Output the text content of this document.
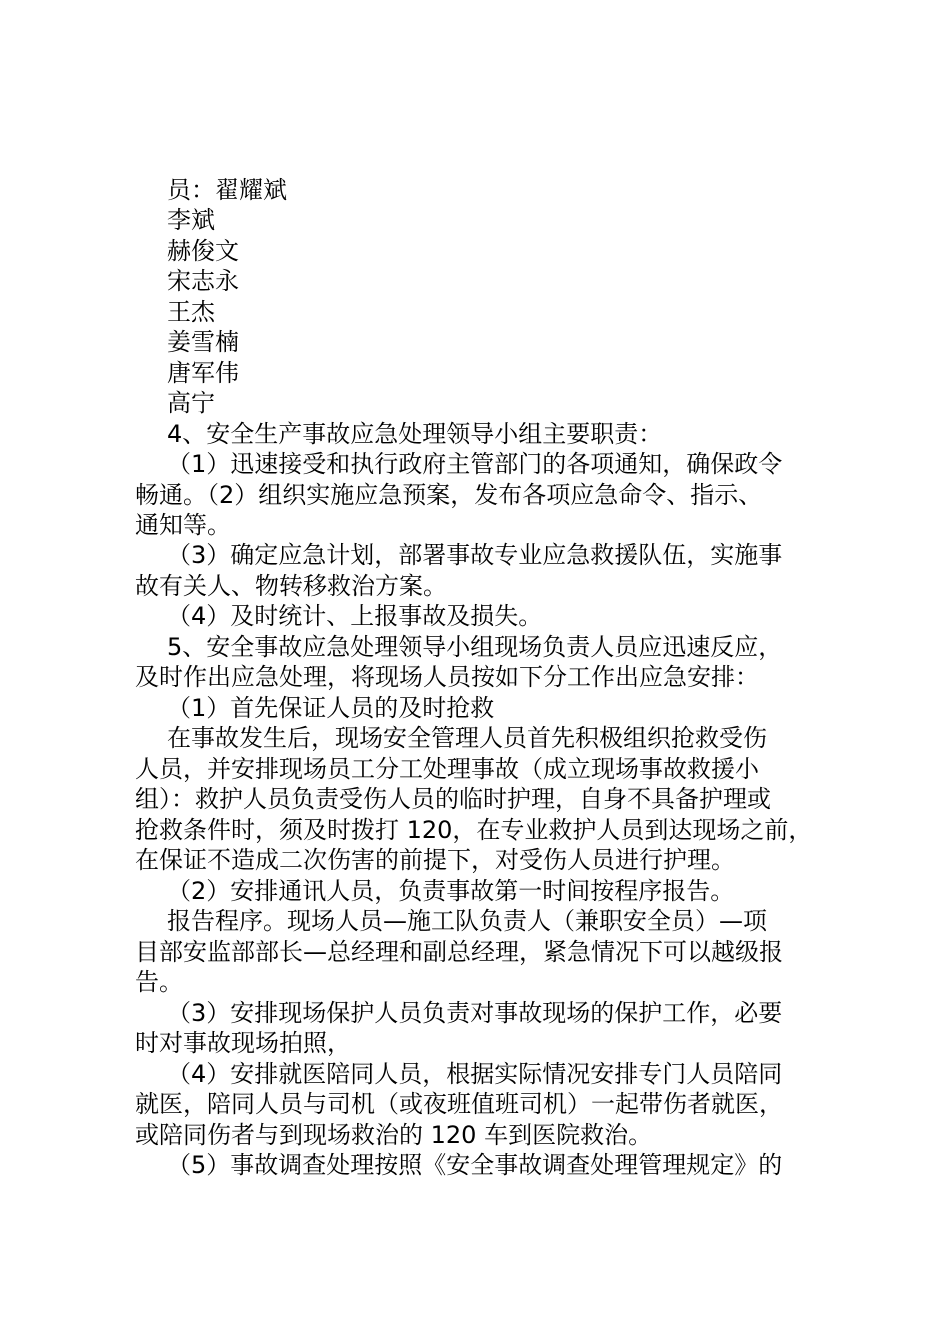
员：翟耀斌
李斌
赫俊文
宋志永
王杰
姜雪楠
唐军伟
高宁
4、安全生产事故应急处理领导小组主要职责：
（1）迅速接受和执行政府主管部门的各项通知，确保政令
畅通。（2）组织实施应急预案，发布各项应急命令、指示、
通知等。
（3）确定应急计划，部署事故专业应急救援队伍，实施事
故有关人、物转移救治方案。
（4）及时统计、上报事故及损失。
5、安全事故应急处理领导小组现场负责人员应迅速反应，
及时作出应急处理，将现场人员按如下分工作出应急安排：
（1）首先保证人员的及时抢救
在事故发生后，现场安全管理人员首先积极组织抢救受伤
人员，并安排现场员工分工处理事故（成立现场事故救援小
组）：救护人员负责受伤人员的临时护理，自身不具备护理或
抢救条件时，须及时拨打 120，在专业救护人员到达现场之前，
在保证不造成二次伤害的前提下，对受伤人员进行护理。
（2）安排通讯人员，负责事故第一时间按程序报告。
报告程序。现场人员—施工队负责人（兼职安全员）—项
目部安监部部长—总经理和副总经理，紧急情况下可以越级报
告。
（3）安排现场保护人员负责对事故现场的保护工作，必要
时对事故现场拍照，
（4）安排就医陪同人员，根据实际情况安排专门人员陪同
就医，陪同人员与司机（或夜班值班司机）一起带伤者就医，
或陪同伤者与到现场救治的 120 车到医院救治。
（5）事故调查处理按照《安全事故调查处理管理规定》的
